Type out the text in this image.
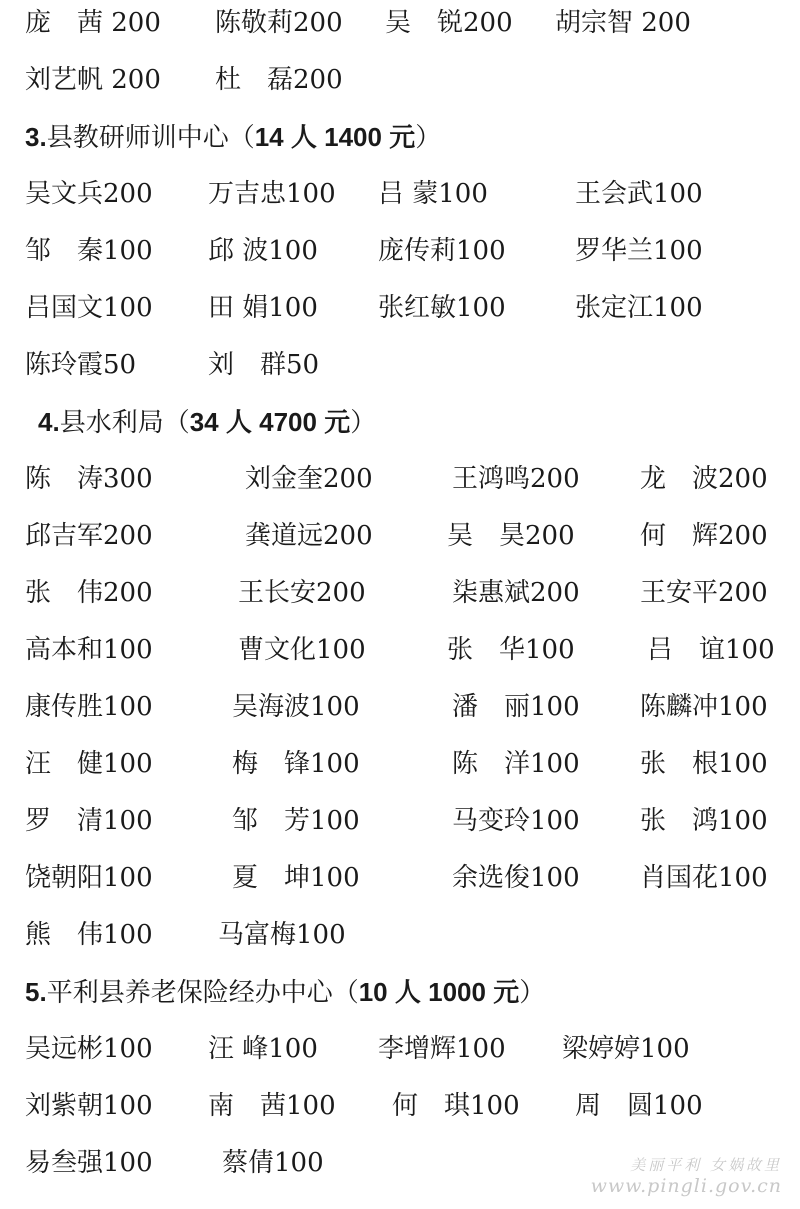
庞　茜 200 陈敬莉200 吴　锐200 胡宗智 200
刘艺帆 200 杜　磊200
3.县教研师训中心（14 人 1400 元）
吴文兵200 万吉忠100 吕 蒙100	王会武100
邹　秦100 邱 波100 庞传莉100	罗华兰100
吕国文100 田 娟100 张红敏100	张定江100
陈玲霞50	刘　群50
4.县水利局（34 人 4700 元）
陈　涛300	刘金奎200	王鸿鸣200 龙　波200
邱吉军200	龚道远200	吴　昊200	何　辉200
张　伟200	王长安200	柒惠斌200 王安平200
高本和100	曹文化100	张　华100	吕　谊100
康传胜100	吴海波100	潘　丽100 陈麟冲100
汪　健100	梅　锋100	陈　洋100 张　根100
罗　清100	邹　芳100	马变玲100 张　鸿100
饶朝阳100	夏　坤100	余选俊100 肖国花100
熊　伟100	马富梅100
5.平利县养老保险经办中心（10 人 1000 元）
吴远彬100 汪 峰100 李增辉100 梁婷婷100
刘紫朝100 南　茜100 何　琪100 周　圆100
易叁强100	蔡倩100	美丽平利 女娲故里
www.pingli.gov.cn
